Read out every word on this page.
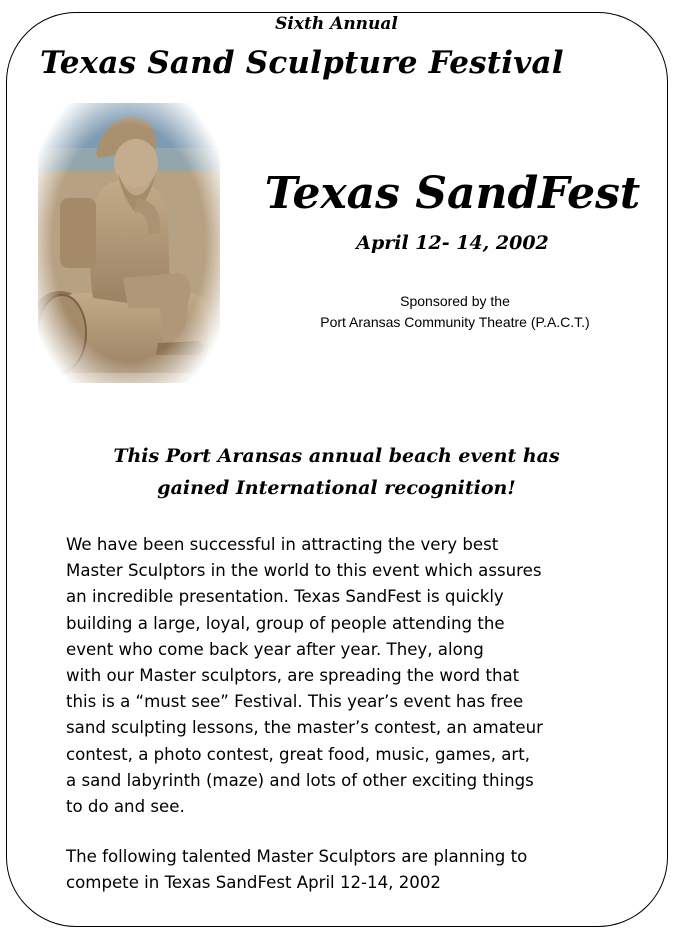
Sixth Annual
Texas Sand Sculpture Festival
Texas SandFest
April 12- 14, 2002
Sponsored by the
Port Aransas Community Theatre (P.A.C.T.)
This Port Aransas annual beach event has
gained International recognition!
We have been successful in attracting the very best
Master Sculptors in the world to this event which assures
an incredible presentation. Texas SandFest is quickly
building a large, loyal, group of people attending the
event who come back year after year. They, along
with our Master sculptors, are spreading the word that
this is a “must see” Festival. This year’s event has free
sand sculpting lessons, the master’s contest, an amateur
contest, a photo contest, great food, music, games, art,
a sand labyrinth (maze) and lots of other exciting things
to do and see.
The following talented Master Sculptors are planning to
compete in Texas SandFest April 12-14, 2002
